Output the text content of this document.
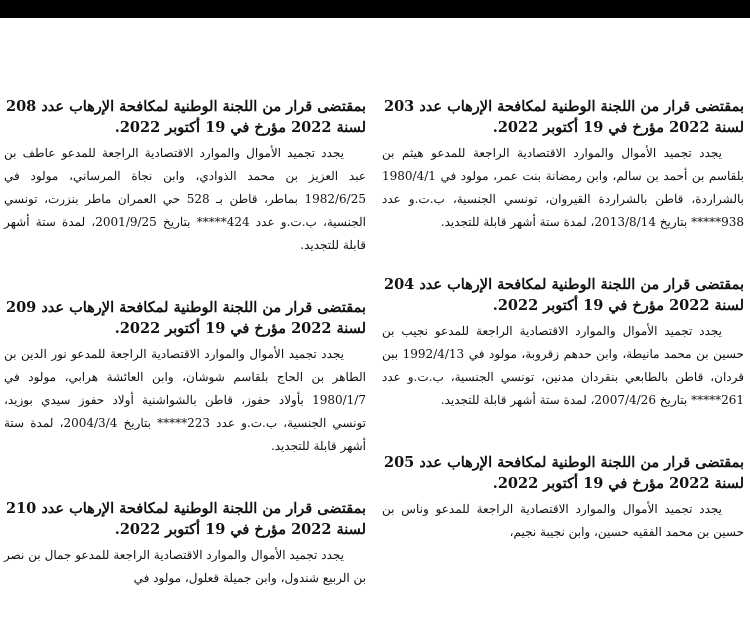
بمقتضى قرار من اللجنة الوطنية لمكافحة الإرهاب عدد 203
لسنة 2022 مؤرخ في 19 أكتوبر 2022.

يجدد تجميد الأموال والموارد الاقتصادية الراجعة للمدعو هيثم بن بلقاسم بن أحمد بن سالم، وابن رمضانة بنت عمر، مولود في 1980/4/1 بالشراردة، قاطن بالشراردة القيروان، تونسي الجنسية، ب.ت.و عدد 938***** بتاريخ 2013/8/14، لمدة ستة أشهر قابلة للتجديد.

بمقتضى قرار من اللجنة الوطنية لمكافحة الإرهاب عدد 204
لسنة 2022 مؤرخ في 19 أكتوبر 2022.

يجدد تجميد الأموال والموارد الاقتصادية الراجعة للمدعو نجيب بن حسين بن محمد مانيطة، وابن حدهم زقروبة، مولود في 1992/4/13 ببن قردان، قاطن بالطابعي بنقردان مدنين، تونسي الجنسية، ب.ت.و عدد 261***** بتاريخ 2007/4/26، لمدة ستة أشهر قابلة للتجديد.

بمقتضى قرار من اللجنة الوطنية لمكافحة الإرهاب عدد 205
لسنة 2022 مؤرخ في 19 أكتوبر 2022.

يجدد تجميد الأموال والموارد الاقتصادية الراجعة للمدعو وناس بن حسين بن محمد الفقيه حسين، وابن نجيبة نجيم،

بمقتضى قرار من اللجنة الوطنية لمكافحة الإرهاب عدد 208
لسنة 2022 مؤرخ في 19 أكتوبر 2022.

يجدد تجميد الأموال والموارد الاقتصادية الراجعة للمدعو عاطف بن عبد العزيز بن محمد الذوادي، وابن نجاة المرساني، مولود في 1982/6/25 بماطر، قاطن بـ 528 حي العمران ماطر بنزرت، تونسي الجنسية، ب.ت.و عدد 424***** بتاريخ 2001/9/25، لمدة ستة أشهر قابلة للتجديد.

بمقتضى قرار من اللجنة الوطنية لمكافحة الإرهاب عدد 209
لسنة 2022 مؤرخ في 19 أكتوبر 2022.

يجدد تجميد الأموال والموارد الاقتصادية الراجعة للمدعو نور الدين بن الطاهر بن الحاج بلقاسم شوشان، وابن العائشة هرابي، مولود في 1980/1/7 بأولاد حفوز، قاطن بالشواشنية أولاد حفوز سيدي بوزيد، تونسي الجنسية، ب.ت.و عدد 223***** بتاريخ 2004/3/4، لمدة ستة أشهر قابلة للتجديد.

بمقتضى قرار من اللجنة الوطنية لمكافحة الإرهاب عدد 210
لسنة 2022 مؤرخ في 19 أكتوبر 2022.

يجدد تجميد الأموال والموارد الاقتصادية الراجعة للمدعو جمال بن نصر بن الربيع شندول، وابن جميلة قعلول، مولود في
